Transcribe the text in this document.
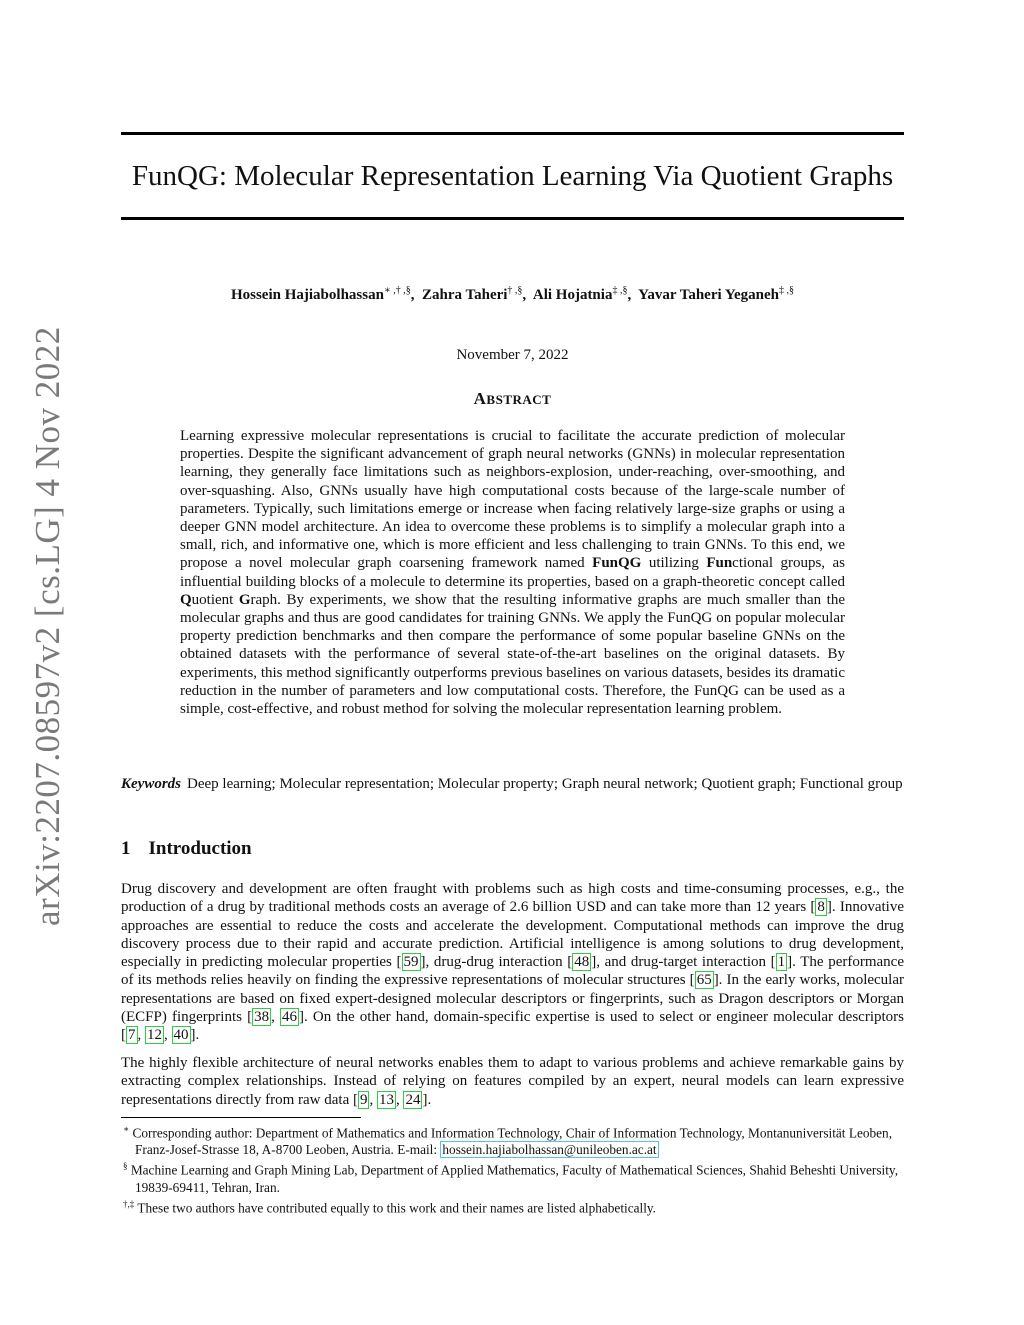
arXiv:2207.08597v2 [cs.LG] 4 Nov 2022
FunQG: Molecular Representation Learning Via Quotient Graphs
Hossein Hajiabolhassan∗ ,† ,§,  Zahra Taheri† ,§,  Ali Hojatnia‡ ,§,  Yavar Taheri Yeganeh‡ ,§
November 7, 2022
ABSTRACT

Learning expressive molecular representations is crucial to facilitate the accurate prediction of molecular properties. Despite the significant advancement of graph neural networks (GNNs) in molecular representation learning, they generally face limitations such as neighbors-explosion, under-reaching, over-smoothing, and over-squashing. Also, GNNs usually have high computational costs because of the large-scale number of parameters. Typically, such limitations emerge or increase when facing relatively large-size graphs or using a deeper GNN model architecture. An idea to overcome these problems is to simplify a molecular graph into a small, rich, and informative one, which is more efficient and less challenging to train GNNs. To this end, we propose a novel molecular graph coarsening framework named FunQG utilizing Functional groups, as influential building blocks of a molecule to determine its properties, based on a graph-theoretic concept called Quotient Graph. By experiments, we show that the resulting informative graphs are much smaller than the molecular graphs and thus are good candidates for training GNNs. We apply the FunQG on popular molecular property prediction benchmarks and then compare the performance of some popular baseline GNNs on the obtained datasets with the performance of several state-of-the-art baselines on the original datasets. By experiments, this method significantly outperforms previous baselines on various datasets, besides its dramatic reduction in the number of parameters and low computational costs. Therefore, the FunQG can be used as a simple, cost-effective, and robust method for solving the molecular representation learning problem.

Keywords Deep learning; Molecular representation; Molecular property; Graph neural network; Quotient graph; Functional group
1 Introduction

Drug discovery and development are often fraught with problems such as high costs and time-consuming processes, e.g., the production of a drug by traditional methods costs an average of 2.6 billion USD and can take more than 12 years [ 8 ]. Innovative approaches are essential to reduce the costs and accelerate the development. Computational methods can improve the drug discovery process due to their rapid and accurate prediction. Artificial intelligence is among solutions to drug development, especially in predicting molecular properties [ 59 ], drug-drug interaction [ 48 ], and drug-target interaction [ 1 ]. The performance of its methods relies heavily on finding the expressive representations of molecular structures [ 65 ]. In the early works, molecular representations are based on fixed expert-designed molecular descriptors or fingerprints, such as Dragon descriptors or Morgan (ECFP) fingerprints [ 38 , 46 ]. On the other hand, domain-specific expertise is used to select or engineer molecular descriptors [ 7 , 12 , 40 ].

The highly flexible architecture of neural networks enables them to adapt to various problems and achieve remarkable gains by extracting complex relationships. Instead of relying on features compiled by an expert, neural models can learn expressive representations directly from raw data [ 9 , 13 , 24 ].

∗ Corresponding author: Department of Mathematics and Information Technology, Chair of Information Technology, Montanuniversität Leoben, Franz-Josef-Strasse 18, A-8700 Leoben, Austria. E-mail: hossein.hajiabolhassan@unileoben.ac.at

§ Machine Learning and Graph Mining Lab, Department of Applied Mathematics, Faculty of Mathematical Sciences, Shahid Beheshti University, 19839-69411, Tehran, Iran.

†,‡ These two authors have contributed equally to this work and their names are listed alphabetically.
